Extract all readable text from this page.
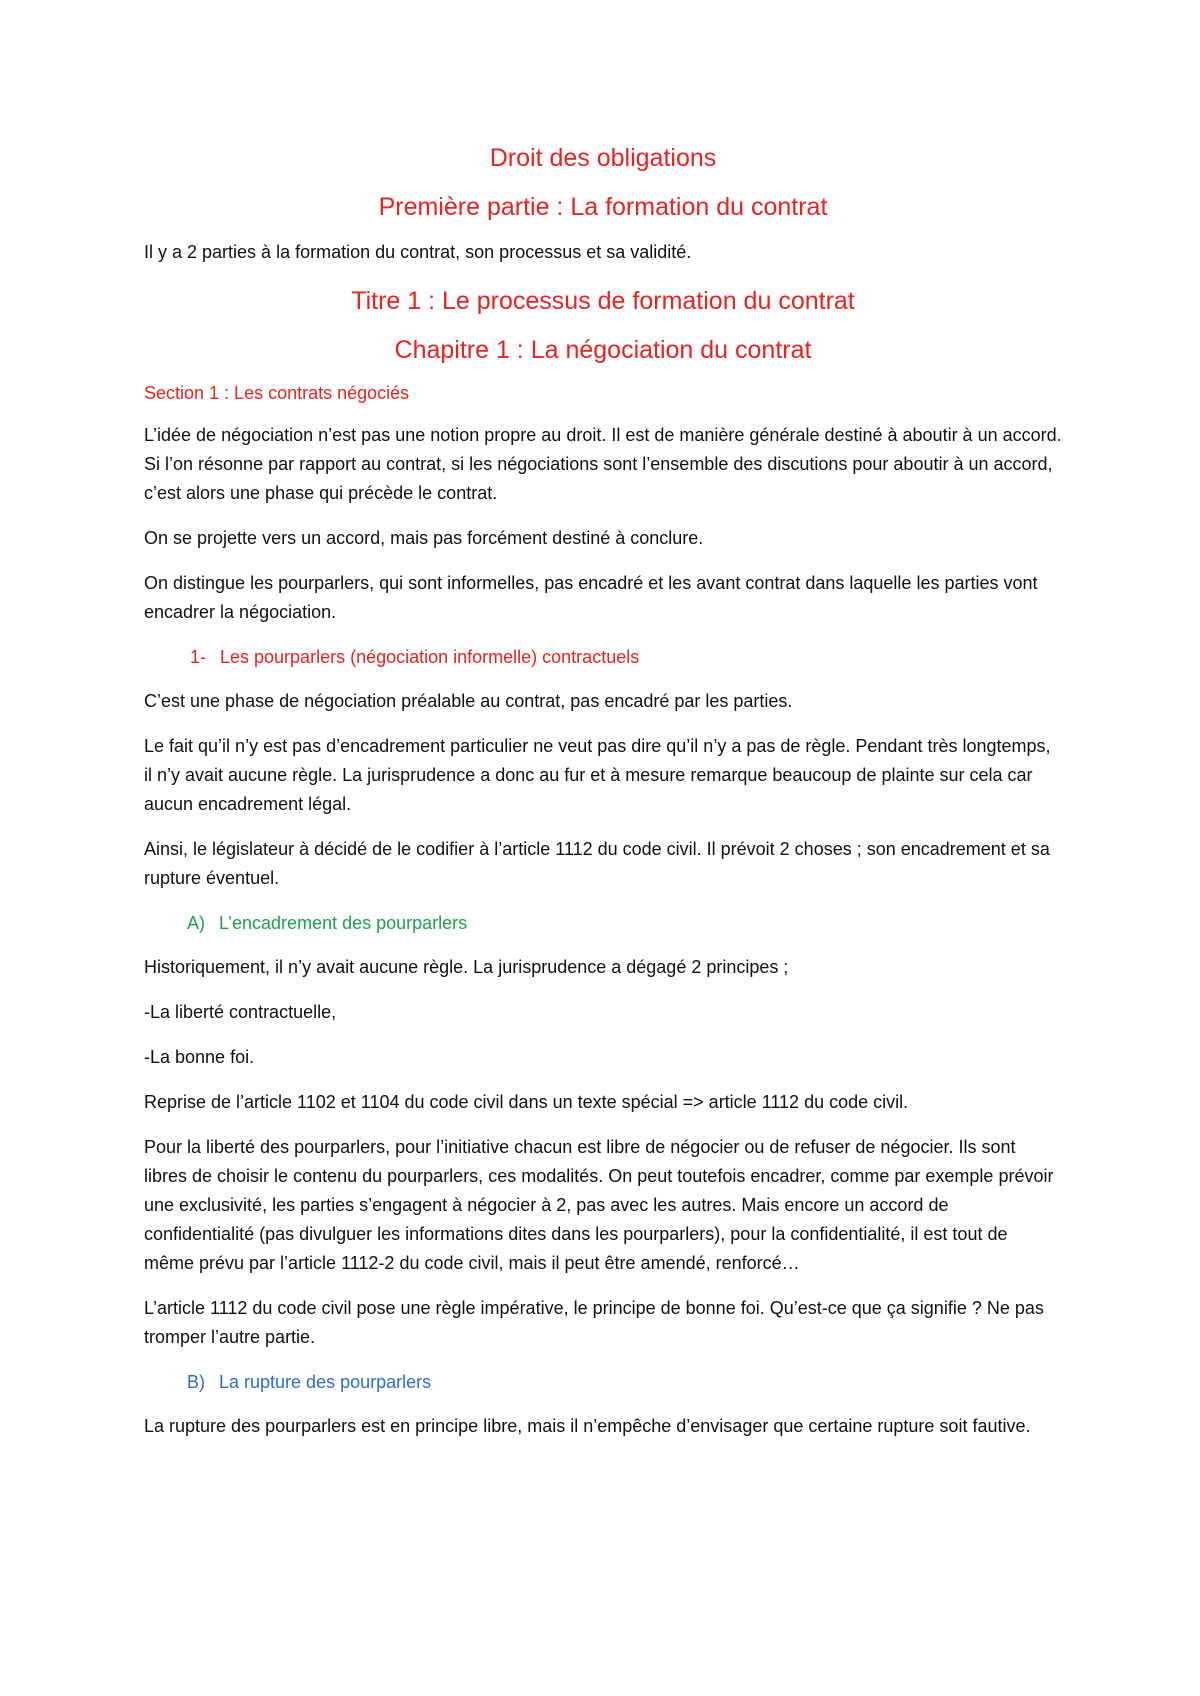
Droit des obligations
Première partie : La formation du contrat

Il y a 2 parties à la formation du contrat, son processus et sa validité.

Titre 1 : Le processus de formation du contrat
Chapitre 1 : La négociation du contrat
Section 1 : Les contrats négociés

L’idée de négociation n’est pas une notion propre au droit. Il est de manière générale destiné à aboutir à un accord. Si l’on résonne par rapport au contrat, si les négociations sont l’ensemble des discutions pour aboutir à un accord, c’est alors une phase qui précède le contrat.

On se projette vers un accord, mais pas forcément destiné à conclure.

On distingue les pourparlers, qui sont informelles, pas encadré et les avant contrat dans laquelle les parties vont encadrer la négociation.

1- Les pourparlers (négociation informelle) contractuels

C’est une phase de négociation préalable au contrat, pas encadré par les parties.

Le fait qu’il n’y est pas d’encadrement particulier ne veut pas dire qu’il n’y a pas de règle. Pendant très longtemps, il n’y avait aucune règle. La jurisprudence a donc au fur et à mesure remarque beaucoup de plainte sur cela car aucun encadrement légal.

Ainsi, le législateur à décidé de le codifier à l’article 1112 du code civil. Il prévoit 2 choses ; son encadrement et sa rupture éventuel.

A) L’encadrement des pourparlers

Historiquement, il n’y avait aucune règle. La jurisprudence a dégagé 2 principes ;

-La liberté contractuelle,

-La bonne foi.

Reprise de l’article 1102 et 1104 du code civil dans un texte spécial => article 1112 du code civil.

Pour la liberté des pourparlers, pour l’initiative chacun est libre de négocier ou de refuser de négocier. Ils sont libres de choisir le contenu du pourparlers, ces modalités. On peut toutefois encadrer, comme par exemple prévoir une exclusivité, les parties s’engagent à négocier à 2, pas avec les autres. Mais encore un accord de confidentialité (pas divulguer les informations dites dans les pourparlers), pour la confidentialité, il est tout de même prévu par l’article 1112-2 du code civil, mais il peut être amendé, renforcé…

L’article 1112 du code civil pose une règle impérative, le principe de bonne foi. Qu’est-ce que ça signifie ? Ne pas tromper l’autre partie.

B) La rupture des pourparlers

La rupture des pourparlers est en principe libre, mais il n’empêche d’envisager que certaine rupture soit fautive.
